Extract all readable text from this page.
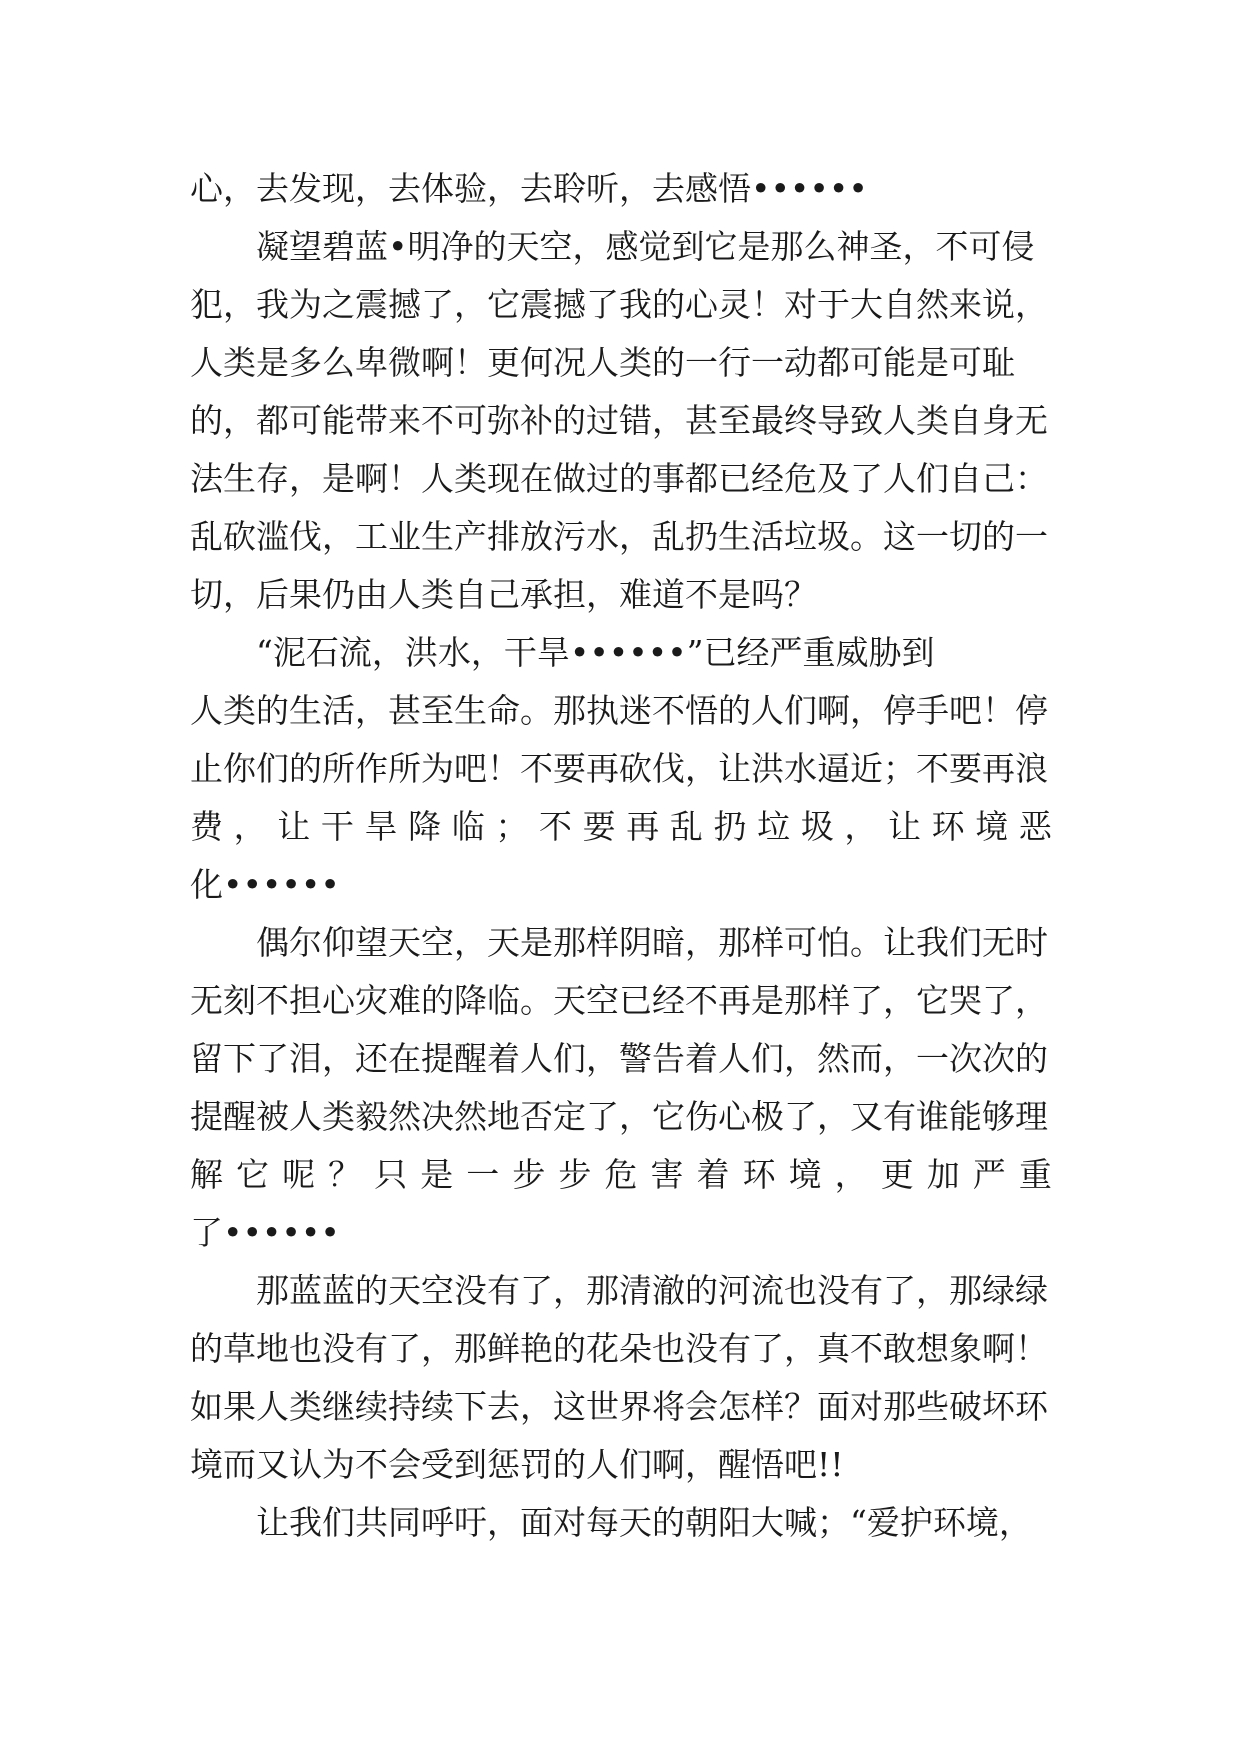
心，去发现，去体验，去聆听，去感悟••••••
凝望碧蓝•明净的天空，感觉到它是那么神圣，不可侵
犯，我为之震撼了，它震撼了我的心灵！对于大自然来说，
人类是多么卑微啊！更何况人类的一行一动都可能是可耻
的，都可能带来不可弥补的过错，甚至最终导致人类自身无
法生存，是啊！人类现在做过的事都已经危及了人们自己：
乱砍滥伐，工业生产排放污水，乱扔生活垃圾。这一切的一
切，后果仍由人类自己承担，难道不是吗？
“泥石流，洪水，干旱••••••”已经严重威胁到
人类的生活，甚至生命。那执迷不悟的人们啊，停手吧！停
止你们的所作所为吧！不要再砍伐，让洪水逼近；不要再浪
费 ， 让 干 旱 降 临 ； 不 要 再 乱 扔 垃 圾 ， 让 环 境 恶
化••••••
偶尔仰望天空，天是那样阴暗，那样可怕。让我们无时
无刻不担心灾难的降临。天空已经不再是那样了，它哭了，
留下了泪，还在提醒着人们，警告着人们，然而，一次次的
提醒被人类毅然决然地否定了，它伤心极了，又有谁能够理
解 它 呢 ？ 只 是 一 步 步 危 害 着 环 境 ， 更 加 严 重
了••••••
那蓝蓝的天空没有了，那清澈的河流也没有了，那绿绿
的草地也没有了，那鲜艳的花朵也没有了，真不敢想象啊！
如果人类继续持续下去，这世界将会怎样？面对那些破坏环
境而又认为不会受到惩罚的人们啊，醒悟吧!!
让我们共同呼吁，面对每天的朝阳大喊；“爱护环境，
